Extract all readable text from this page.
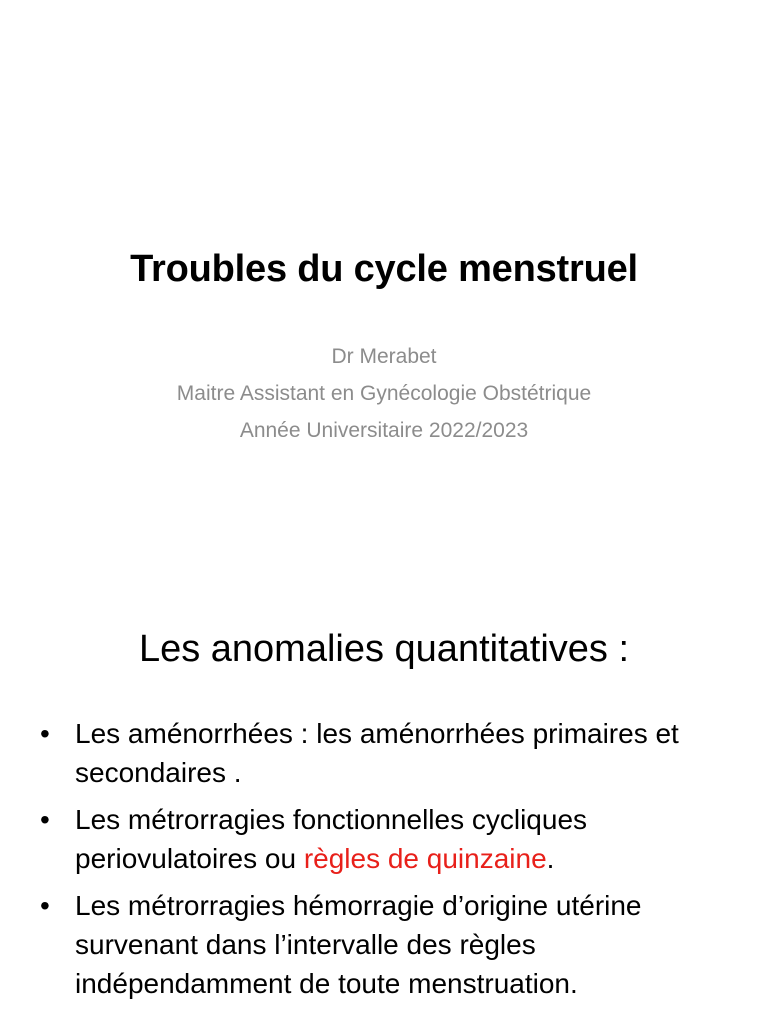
Troubles du cycle menstruel
Dr Merabet
Maitre Assistant en Gynécologie Obstétrique
Année Universitaire 2022/2023
Les anomalies quantitatives :
• Les aménorrhées : les aménorrhées primaires et secondaires .
• Les métrorragies fonctionnelles cycliques periovulatoires ou règles de quinzaine.
• Les métrorragies hémorragie d’origine utérine survenant dans l’intervalle des règles indépendamment de toute menstruation.
